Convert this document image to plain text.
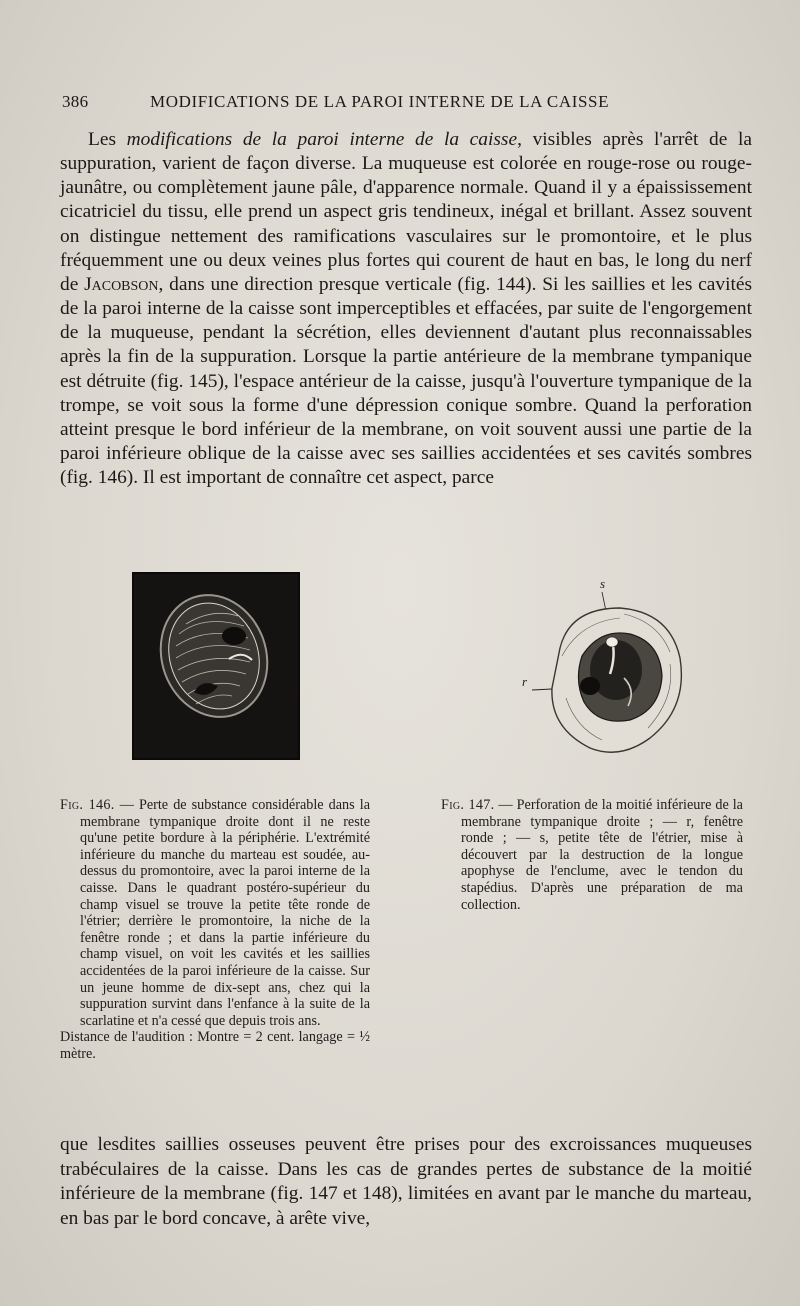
386	MODIFICATIONS DE LA PAROI INTERNE DE LA CAISSE

Les modifications de la paroi interne de la caisse, visibles après l'arrêt de la suppuration, varient de façon diverse. La muqueuse est colorée en rouge-rose ou rouge-jaunâtre, ou complètement jaune pâle, d'apparence normale. Quand il y a épaississement cicatriciel du tissu, elle prend un aspect gris tendineux, inégal et brillant. Assez souvent on distingue nettement des ramifications vasculaires sur le promontoire, et le plus fréquemment une ou deux veines plus fortes qui courent de haut en bas, le long du nerf de Jacobson, dans une direction presque verticale (fig. 144). Si les saillies et les cavités de la paroi interne de la caisse sont imperceptibles et effacées, par suite de l'engorgement de la muqueuse, pendant la sécrétion, elles deviennent d'autant plus reconnaissables après la fin de la suppuration. Lorsque la partie antérieure de la membrane tympanique est détruite (fig. 145), l'espace antérieur de la caisse, jusqu'à l'ouverture tympanique de la trompe, se voit sous la forme d'une dépression conique sombre. Quand la perforation atteint presque le bord inférieur de la membrane, on voit souvent aussi une partie de la paroi inférieure oblique de la caisse avec ses saillies accidentées et ses cavités sombres (fig. 146). Il est important de connaître cet aspect, parce

s
r
Fig. 146. — Perte de substance considérable dans la membrane tympanique droite dont il ne reste qu'une petite bordure à la périphérie. L'extrémité inférieure du manche du marteau est soudée, au-dessus du promontoire, avec la paroi interne de la caisse. Dans le quadrant postéro-supérieur du champ visuel se trouve la petite tête ronde de l'étrier; derrière le promontoire, la niche de la fenêtre ronde ; et dans la partie inférieure du champ visuel, on voit les cavités et les saillies accidentées de la paroi inférieure de la caisse. Sur un jeune homme de dix-sept ans, chez qui la suppuration survint dans l'enfance à la suite de la scarlatine et n'a cessé que depuis trois ans.
Distance de l'audition : Montre = 2 cent. langage = ½ mètre.
Fig. 147. — Perforation de la moitié inférieure de la membrane tympanique droite ; — r, fenêtre ronde ; — s, petite tête de l'étrier, mise à découvert par la destruction de la longue apophyse de l'enclume, avec le tendon du stapédius. D'après une préparation de ma collection.

que lesdites saillies osseuses peuvent être prises pour des excroissances muqueuses trabéculaires de la caisse. Dans les cas de grandes pertes de substance de la moitié inférieure de la membrane (fig. 147 et 148), limitées en avant par le manche du marteau, en bas par le bord concave, à arête vive,
